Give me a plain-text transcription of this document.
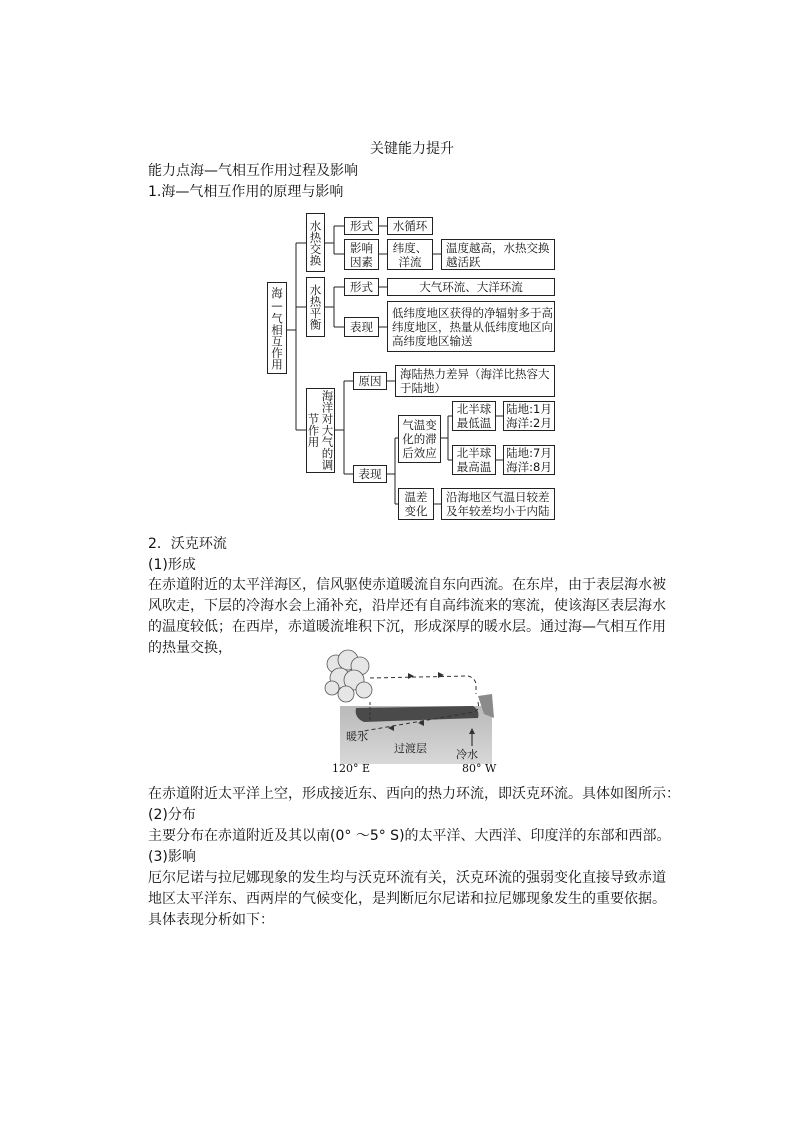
关键能力提升
能力点海—气相互作用过程及影响
1.海—气相互作用的原理与影响
海—气相互作用
水热交换	形式	水循环
影响因素
纬度、洋流
温度越高，水热交换越活跃
水热平衡	形式	大气环流、大洋环流
表现
低纬度地区获得的净辐射多于高纬度地区，热量从低纬度地区向高纬度地区输送
海洋对大气的调节作用
原因	海陆热力差异（海洋比热容大于陆地）
表现
气温变化的滞后效应
北半球最低温
陆地:1月 海洋:2月
北半球最高温
陆地:7月 海洋:8月
温差变化
沿海地区气温日较差及年较差均小于内陆
2．沃克环流
(1)形成
在赤道附近的太平洋海区，信风驱使赤道暖流自东向西流。在东岸，由于表层海水被风吹走，下层的冷海水会上涌补充，沿岸还有自高纬流来的寒流，使该海区表层海水的温度较低；在西岸，赤道暖流堆积下沉，形成深厚的暖水层。通过海—气相互作用的热量交换，
暖水
过渡层	冷水
120° E	80° W
在赤道附近太平洋上空，形成接近东、西向的热力环流，即沃克环流。具体如图所示：
(2)分布
主要分布在赤道附近及其以南(0° ～5° S)的太平洋、大西洋、印度洋的东部和西部。
(3)影响
厄尔尼诺与拉尼娜现象的发生均与沃克环流有关，沃克环流的强弱变化直接导致赤道地区太平洋东、西两岸的气候变化，是判断厄尔尼诺和拉尼娜现象发生的重要依据。具体表现分析如下：
